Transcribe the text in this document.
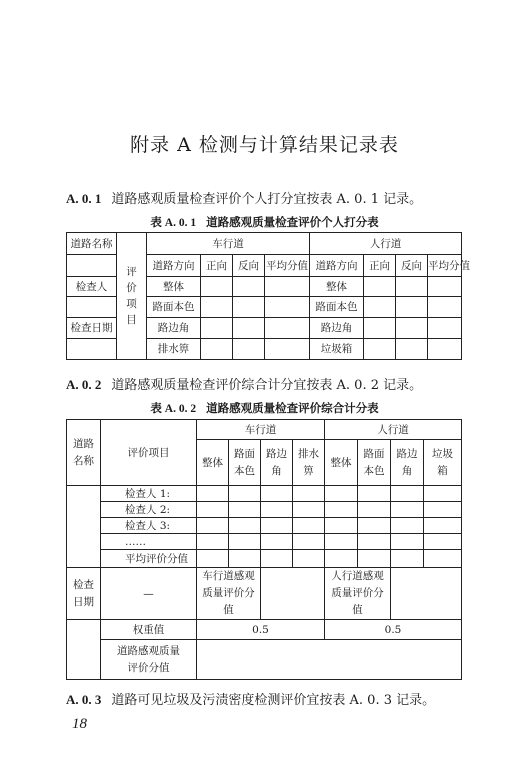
附录 A 检测与计算结果记录表
A. 0. 1 道路感观质量检查评价个人打分宜按表 A. 0. 1 记录。
表 A. 0. 1 道路感观质量检查评价个人打分表
道路名称	评价项目	车行道				人行道			
		道路方向	正向	反向	平均分值	道路方向	正向	反向	平均分值
检查人		整体				整体			
		路面本色				路面本色			
检查日期		路边角				路边角			
		排水箅				垃圾箱			
A. 0. 2 道路感观质量检查评价综合计分宜按表 A. 0. 2 记录。
表 A. 0. 2 道路感观质量检查评价综合计分表
道路名称	评价项目	车行道				人行道			
		整体	路面本色	路边角	排水箅	整体	路面本色	路边角	垃圾箱

	检查人 1:								
	检查人 2:								
	检查人 3:								
	……								
	平均评价分值								

检查日期	—	车行道感观质量评价分值				人行道感观质量评价分值			

	权重值	0.5				0.5			

	道路感观质量评价分值								

A. 0. 3 道路可见垃圾及污渍密度检测评价宜按表 A. 0. 3 记录。
18
